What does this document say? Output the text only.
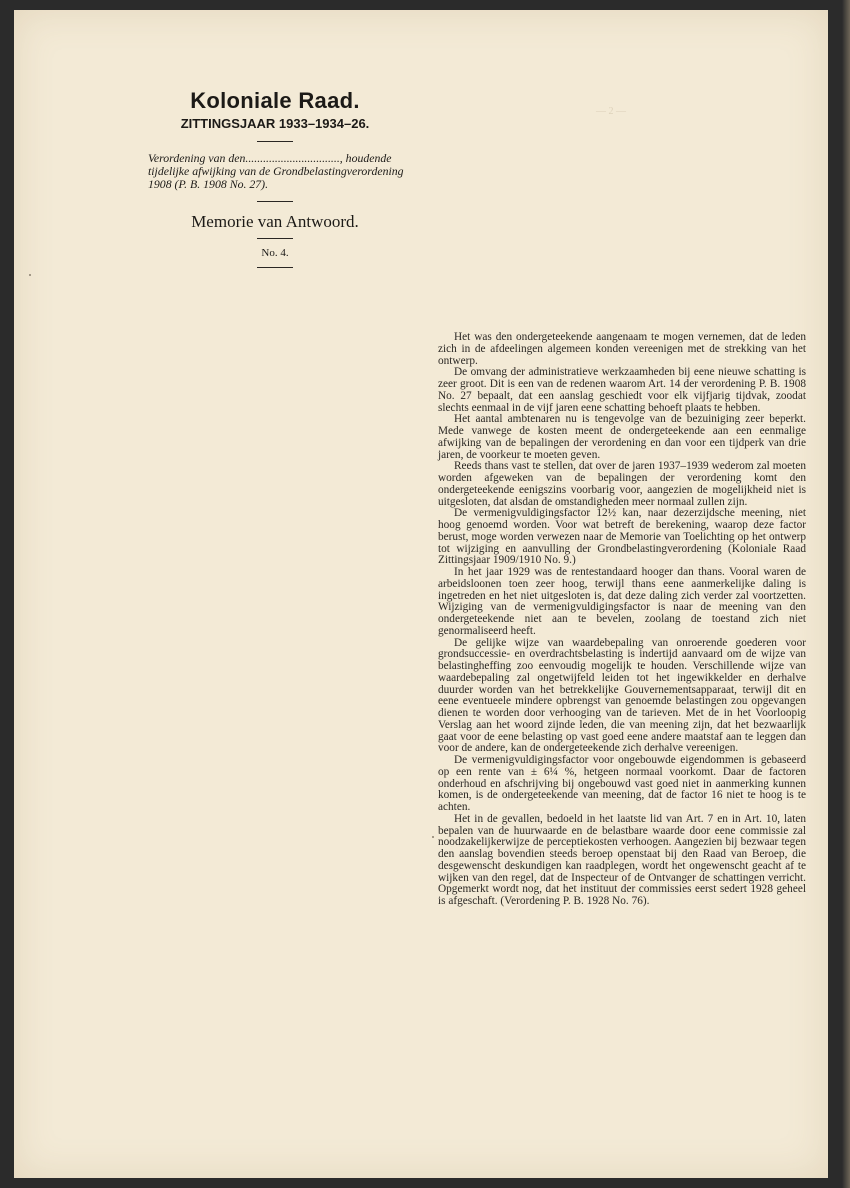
— 2 —
Koloniale Raad.
ZITTINGSJAAR 1933–1934–26.
Verordening van den................................, houdende tijdelijke afwijking van de Grondbelastingverordening 1908 (P. B. 1908 No. 27).
Memorie van Antwoord.
No. 4.

Het was den ondergeteekende aangenaam te mogen vernemen, dat de leden zich in de afdeelingen algemeen konden vereenigen met de strekking van het ontwerp.

De omvang der administratieve werkzaamheden bij eene nieuwe schatting is zeer groot. Dit is een van de redenen waarom Art. 14 der verordening P. B. 1908 No. 27 bepaalt, dat een aanslag geschiedt voor elk vijfjarig tijdvak, zoodat slechts eenmaal in de vijf jaren eene schatting behoeft plaats te hebben.

Het aantal ambtenaren nu is tengevolge van de bezuiniging zeer beperkt. Mede vanwege de kosten meent de ondergeteekende aan een eenmalige afwijking van de bepalingen der verordening en dan voor een tijdperk van drie jaren, de voorkeur te moeten geven.

Reeds thans vast te stellen, dat over de jaren 1937–1939 wederom zal moeten worden afgeweken van de bepalingen der verordening komt den ondergeteekende eenigszins voorbarig voor, aangezien de mogelijkheid niet is uitgesloten, dat alsdan de omstandigheden meer normaal zullen zijn.

De vermenigvuldigingsfactor 12½ kan, naar dezerzijdsche meening, niet hoog genoemd worden. Voor wat betreft de berekening, waarop deze factor berust, moge worden verwezen naar de Memorie van Toelichting op het ontwerp tot wijziging en aanvulling der Grondbelastingverordening (Koloniale Raad Zittingsjaar 1909/1910 No. 9.)

In het jaar 1929 was de rentestandaard hooger dan thans. Vooral waren de arbeidsloonen toen zeer hoog, terwijl thans eene aanmerkelijke daling is ingetreden en het niet uitgesloten is, dat deze daling zich verder zal voortzetten. Wijziging van de vermenigvuldigingsfactor is naar de meening van den ondergeteekende niet aan te bevelen, zoolang de toestand zich niet genormaliseerd heeft.

De gelijke wijze van waardebepaling van onroerende goederen voor grondsuccessie- en overdrachtsbelasting is indertijd aanvaard om de wijze van belastingheffing zoo eenvoudig mogelijk te houden. Verschillende wijze van waardebepaling zal ongetwijfeld leiden tot het ingewikkelder en derhalve duurder worden van het betrekkelijke Gouvernementsapparaat, terwijl dit en eene eventueele mindere opbrengst van genoemde belastingen zou opgevangen dienen te worden door verhooging van de tarieven. Met de in het Voorloopig Verslag aan het woord zijnde leden, die van meening zijn, dat het bezwaarlijk gaat voor de eene belasting op vast goed eene andere maatstaf aan te leggen dan voor de andere, kan de ondergeteekende zich derhalve vereenigen.

De vermenigvuldigingsfactor voor ongebouwde eigendommen is gebaseerd op een rente van ± 6¼ %, hetgeen normaal voorkomt. Daar de factoren onderhoud en afschrijving bij ongebouwd vast goed niet in aanmerking kunnen komen, is de ondergeteekende van meening, dat de factor 16 niet te hoog is te achten.

Het in de gevallen, bedoeld in het laatste lid van Art. 7 en in Art. 10, laten bepalen van de huurwaarde en de belastbare waarde door eene commissie zal noodzakelijkerwijze de perceptiekosten verhoogen. Aangezien bij bezwaar tegen den aanslag bovendien steeds beroep openstaat bij den Raad van Beroep, die desgewenscht deskundigen kan raadplegen, wordt het ongewenscht geacht af te wijken van den regel, dat de Inspecteur of de Ontvanger de schattingen verricht. Opgemerkt wordt nog, dat het instituut der commissies eerst sedert 1928 geheel is afgeschaft. (Verordening P. B. 1928 No. 76).
